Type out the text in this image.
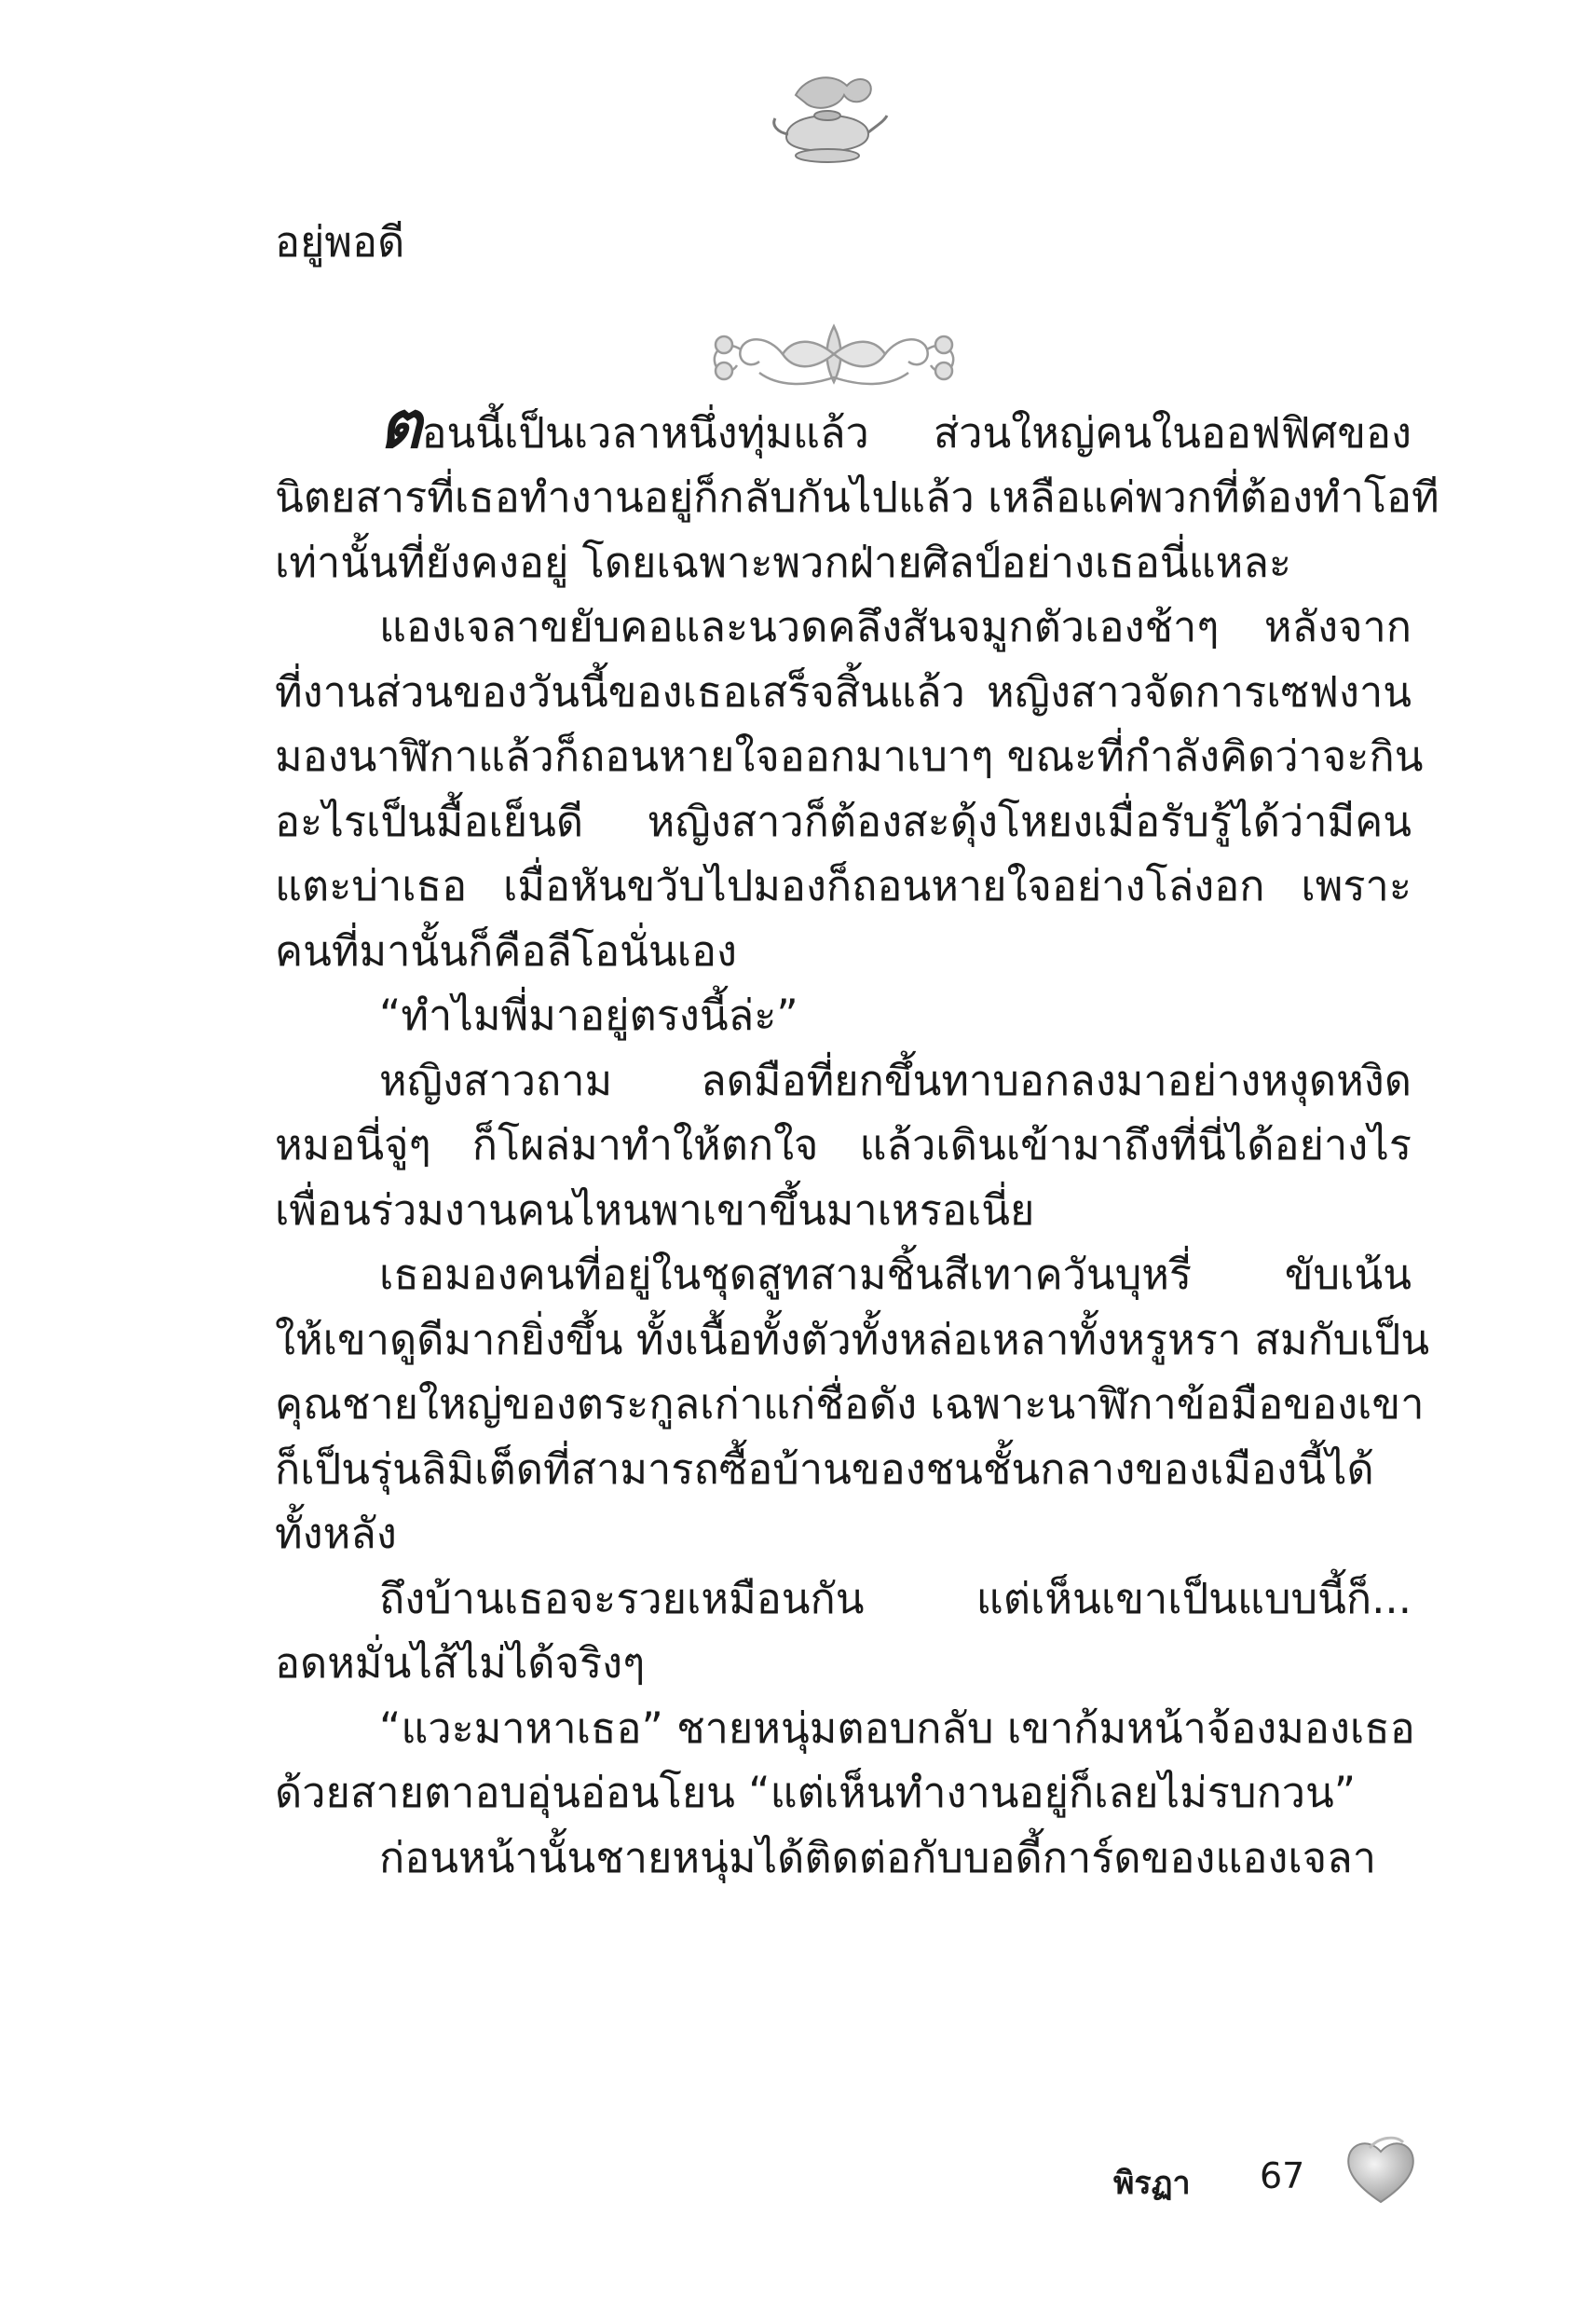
อยู่พอดี
ตอนนี้เป็นเวลาหนึ่งทุ่มแล้ว ส่วนใหญ่คนในออฟฟิศของ
นิตยสารที่เธอทำงานอยู่ก็กลับกันไปแล้ว เหลือแค่พวกที่ต้องทำโอที
เท่านั้นที่ยังคงอยู่ โดยเฉพาะพวกฝ่ายศิลป์อย่างเธอนี่แหละ
แองเจลาขยับคอและนวดคลึงสันจมูกตัวเองช้าๆ หลังจาก
ที่งานส่วนของวันนี้ของเธอเสร็จสิ้นแล้ว หญิงสาวจัดการเซฟงาน
มองนาฬิกาแล้วก็ถอนหายใจออกมาเบาๆ ขณะที่กำลังคิดว่าจะกิน
อะไรเป็นมื้อเย็นดี หญิงสาวก็ต้องสะดุ้งโหยงเมื่อรับรู้ได้ว่ามีคน
แตะบ่าเธอ เมื่อหันขวับไปมองก็ถอนหายใจอย่างโล่งอก เพราะ
คนที่มานั้นก็คือลีโอนั่นเอง
“ทำไมพี่มาอยู่ตรงนี้ล่ะ”
หญิงสาวถาม ลดมือที่ยกขึ้นทาบอกลงมาอย่างหงุดหงิด
หมอนี่จู่ๆ ก็โผล่มาทำให้ตกใจ แล้วเดินเข้ามาถึงที่นี่ได้อย่างไร
เพื่อนร่วมงานคนไหนพาเขาขึ้นมาเหรอเนี่ย
เธอมองคนที่อยู่ในชุดสูทสามชิ้นสีเทาควันบุหรี่ ขับเน้น
ให้เขาดูดีมากยิ่งขึ้น ทั้งเนื้อทั้งตัวทั้งหล่อเหลาทั้งหรูหรา สมกับเป็น
คุณชายใหญ่ของตระกูลเก่าแก่ชื่อดัง เฉพาะนาฬิกาข้อมือของเขา
ก็เป็นรุ่นลิมิเต็ดที่สามารถซื้อบ้านของชนชั้นกลางของเมืองนี้ได้
ทั้งหลัง
ถึงบ้านเธอจะรวยเหมือนกัน แต่เห็นเขาเป็นแบบนี้ก็...
อดหมั่นไส้ไม่ได้จริงๆ
“แวะมาหาเธอ” ชายหนุ่มตอบกลับ เขาก้มหน้าจ้องมองเธอ
ด้วยสายตาอบอุ่นอ่อนโยน “แต่เห็นทำงานอยู่ก็เลยไม่รบกวน”
ก่อนหน้านั้นชายหนุ่มได้ติดต่อกับบอดี้การ์ดของแองเจลา
พิรฏา 67
